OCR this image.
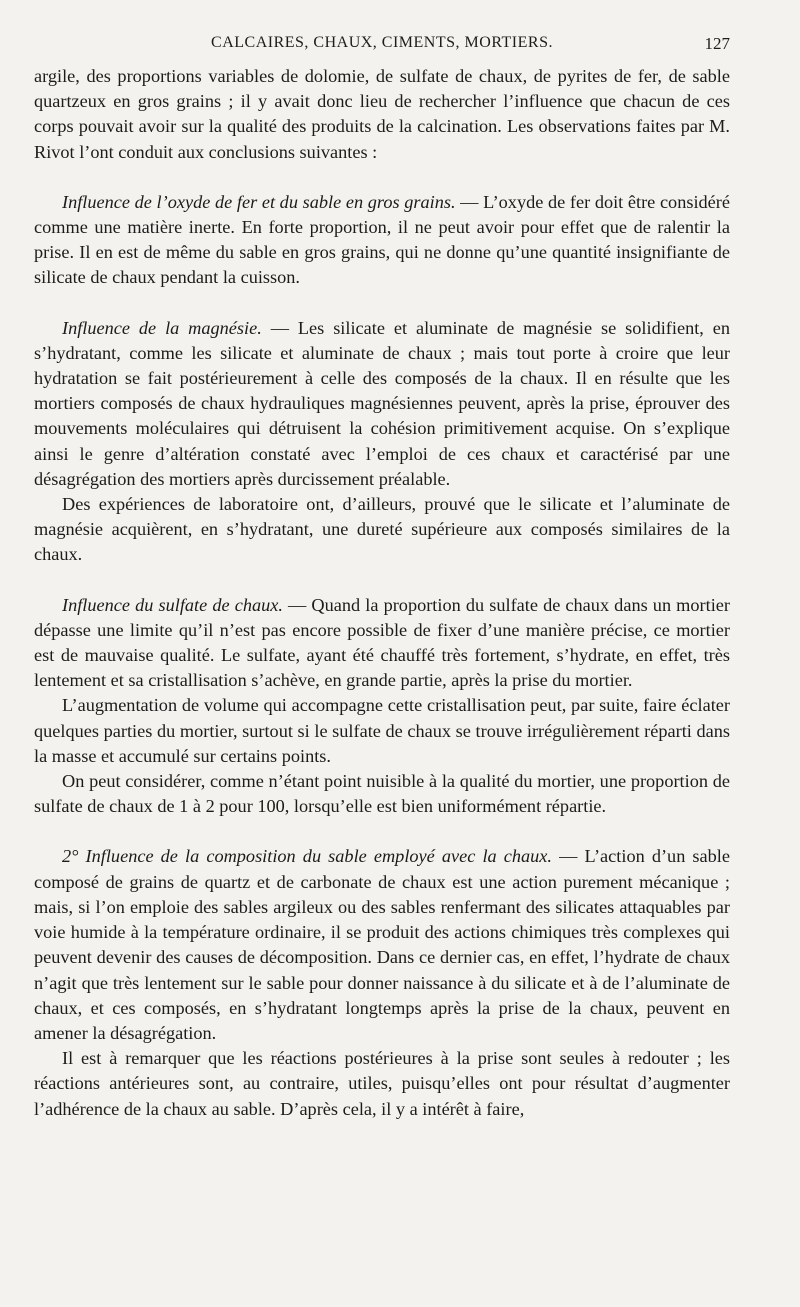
CALCAIRES, CHAUX, CIMENTS, MORTIERS.	127

argile, des proportions variables de dolomie, de sulfate de chaux, de pyrites de fer, de sable quartzeux en gros grains ; il y avait donc lieu de rechercher l’influence que chacun de ces corps pouvait avoir sur la qualité des produits de la calcination. Les observations faites par M. Rivot l’ont conduit aux conclusions suivantes :

Influence de l’oxyde de fer et du sable en gros grains. — L’oxyde de fer doit être considéré comme une matière inerte. En forte proportion, il ne peut avoir pour effet que de ralentir la prise. Il en est de même du sable en gros grains, qui ne donne qu’une quantité insignifiante de silicate de chaux pendant la cuisson.

Influence de la magnésie. — Les silicate et aluminate de magnésie se solidifient, en s’hydratant, comme les silicate et aluminate de chaux ; mais tout porte à croire que leur hydratation se fait postérieurement à celle des composés de la chaux. Il en résulte que les mortiers composés de chaux hydrauliques magnésiennes peuvent, après la prise, éprouver des mouvements moléculaires qui détruisent la cohésion primitivement acquise. On s’explique ainsi le genre d’altération constaté avec l’emploi de ces chaux et caractérisé par une désagrégation des mortiers après durcissement préalable.

Des expériences de laboratoire ont, d’ailleurs, prouvé que le silicate et l’aluminate de magnésie acquièrent, en s’hydratant, une dureté supérieure aux composés similaires de la chaux.

Influence du sulfate de chaux. — Quand la proportion du sulfate de chaux dans un mortier dépasse une limite qu’il n’est pas encore possible de fixer d’une manière précise, ce mortier est de mauvaise qualité. Le sulfate, ayant été chauffé très fortement, s’hydrate, en effet, très lentement et sa cristallisation s’achève, en grande partie, après la prise du mortier.

L’augmentation de volume qui accompagne cette cristallisation peut, par suite, faire éclater quelques parties du mortier, surtout si le sulfate de chaux se trouve irrégulièrement réparti dans la masse et accumulé sur certains points.

On peut considérer, comme n’étant point nuisible à la qualité du mortier, une proportion de sulfate de chaux de 1 à 2 pour 100, lorsqu’elle est bien uniformément répartie.

2° Influence de la composition du sable employé avec la chaux. — L’action d’un sable composé de grains de quartz et de carbonate de chaux est une action purement mécanique ; mais, si l’on emploie des sables argileux ou des sables renfermant des silicates attaquables par voie humide à la température ordinaire, il se produit des actions chimiques très complexes qui peuvent devenir des causes de décomposition. Dans ce dernier cas, en effet, l’hydrate de chaux n’agit que très lentement sur le sable pour donner naissance à du silicate et à de l’aluminate de chaux, et ces composés, en s’hydratant longtemps après la prise de la chaux, peuvent en amener la désagrégation.

Il est à remarquer que les réactions postérieures à la prise sont seules à redouter ; les réactions antérieures sont, au contraire, utiles, puisqu’elles ont pour résultat d’augmenter l’adhérence de la chaux au sable. D’après cela, il y a intérêt à faire,
